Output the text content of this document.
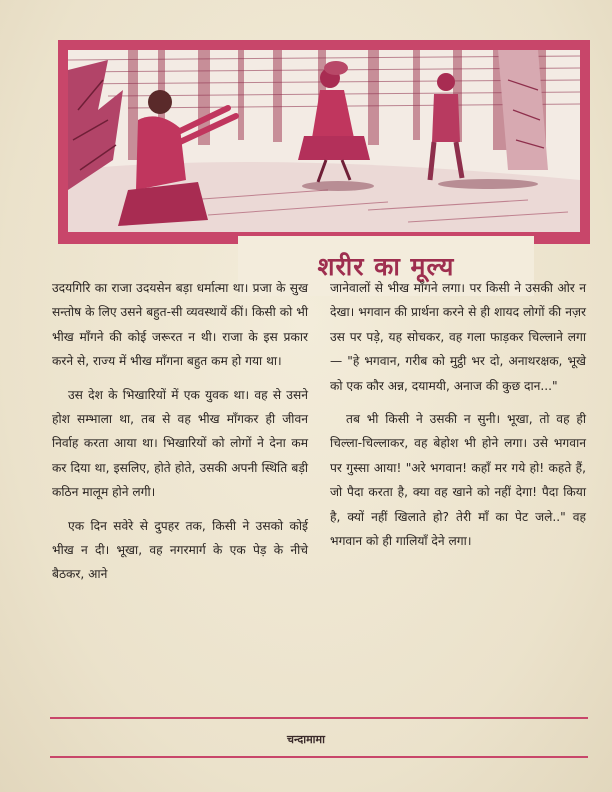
शरीर का मूल्य

उदयगिरि का राजा उदयसेन बड़ा धर्मात्मा था। प्रजा के सुख सन्तोष के लिए उसने बहुत-सी व्यवस्थायें कीं। किसी को भी भीख माँगने की कोई जरूरत न थी। राजा के इस प्रकार करने से, राज्य में भीख माँगना बहुत कम हो गया था।

उस देश के भिखारियों में एक युवक था। वह से उसने होश सम्भाला था, तब से वह भीख माँगकर ही जीवन निर्वाह करता आया था। भिखारियों को लोगों ने देना कम कर दिया था, इसलिए, होते होते, उसकी अपनी स्थिति बड़ी कठिन मालूम होने लगी।

एक दिन सवेरे से दुपहर तक, किसी ने उसको कोई भीख न दी। भूखा, वह नगरमार्ग के एक पेड़ के नीचे बैठकर, आने

जानेवालों से भीख माँगने लगा। पर किसी ने उसकी ओर न देखा। भगवान की प्रार्थना करने से ही शायद लोगों की नज़र उस पर पड़े, यह सोचकर, वह गला फाड़कर चिल्लाने लगा— "हे भगवान, गरीब को मुट्ठी भर दो, अनाथरक्षक, भूखे को एक कौर अन्न, दयामयी, अनाज की कुछ दान..."

तब भी किसी ने उसकी न सुनी। भूखा, तो वह ही चिल्ला-चिल्लाकर, वह बेहोश भी होने लगा। उसे भगवान पर गुस्सा आया! "अरे भगवान! कहाँ मर गये हो! कहते हैं, जो पैदा करता है, क्या वह खाने को नहीं देगा! पैदा किया है, क्यों नहीं खिलाते हो? तेरी माँ का पेट जले.." वह भगवान को ही गालियाँ देने लगा।

चन्दामामा
